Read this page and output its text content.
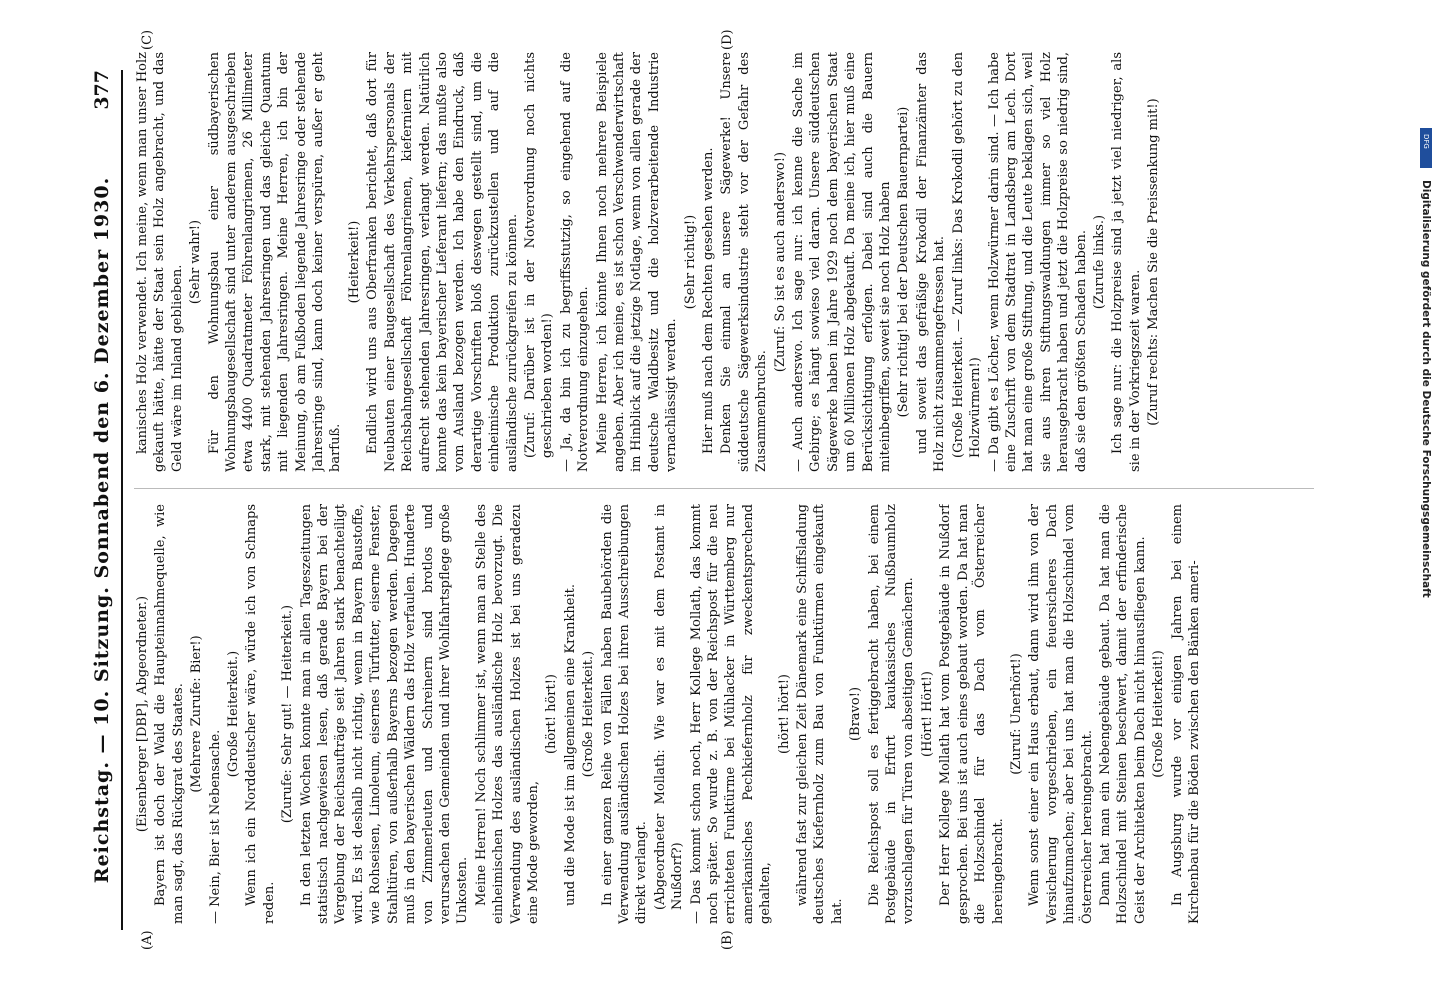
Reichstag. — 10. Sitzung. Sonnabend den 6. Dezember 1930.
377
(A)	(B)
(C)	(D)

(Eisenberger [DBP], Abgeordneter.) Bayern ist doch der Wald die Haupteinnahmequelle, wie man sagt, das Rückgrat des Staates. (Mehrere Zurufe: Bier!)

— Nein, Bier ist Nebensache.

(Große Heiterkeit.) Wenn ich ein Norddeutscher wäre, würde ich von Schnaps reden.

(Zurufe: Sehr gut! — Heiterkeit.) In den letzten Wochen konnte man in allen Tageszeitungen statistisch nachgewiesen lesen, daß gerade Bayern bei der Vergebung der Reichsaufträge seit Jahren stark benachteiligt wird. Es ist deshalb nicht richtig, wenn in Bayern Baustoffe, wie Rohseisen, Linoleum, eisernes Türfutter, eiserne Fenster, Stahltüren, von außerhalb Bayerns bezogen werden. Dagegen muß in den bayerischen Wäldern das Holz verfaulen. Hunderte von Zimmerleuten und Schreinern sind brotlos und verursachen den Gemeinden und ihrer Wohlfahrtspflege große Unkosten. Meine Herren! Noch schlimmer ist, wenn man an Stelle des einheimischen Holzes das ausländische Holz bevorzugt. Die Verwendung des ausländischen Holzes ist bei uns geradezu eine Mode geworden,

(hört! hört!) und die Mode ist im allgemeinen eine Krankheit. (Große Heiterkeit.) In einer ganzen Reihe von Fällen haben Baubehörden die Verwendung ausländischen Holzes bei ihren Ausschreibungen direkt verlangt. (Abgeordneter Mollath: Wie war es mit dem Postamt in Nußdorf?) — Das kommt schon noch, Herr Kollege Mollath, das kommt noch später. So wurde z. B. von der Reichspost für die neu errichteten Funktürme bei Mühlacker in Württemberg nur amerikanisches Pechkiefernholz für zweckentsprechend gehalten,

(hört! hört!) während fast zur gleichen Zeit Dänemark eine Schiffsladung deutsches Kiefernholz zum Bau von Funktürmen eingekauft hat.

(Bravo!) Die Reichspost soll es fertiggebracht haben, bei einem Postgebäude in Erfurt kaukasisches Nußbaumholz vorzuschlagen für Türen von abseitigen Gemächern. (Hört! Hört!) Der Herr Kollege Mollath hat vom Postgebäude in Nußdorf gesprochen. Bei uns ist auch eines gebaut worden. Da hat man die Holzschindel für das Dach vom Österreicher hereingebracht.

(Zuruf: Unerhört!) Wenn sonst einer ein Haus erbaut, dann wird ihm von der Versicherung vorgeschrieben, ein feuersicheres Dach hinaufzumachen; aber bei uns hat man die Holzschindel vom Österreicher hereingebracht. Dann hat man ein Nebengebäude gebaut. Da hat man die Holzschindel mit Steinen beschwert, damit der erfinderische Geist der Architekten beim Dach nicht hinausfliegen kann. (Große Heiterkeit!) In Augsburg wurde vor einigen Jahren bei einem Kirchenbau für die Böden zwischen den Bänken ameri-

kanisches Holz verwendet. Ich meine, wenn man unser Holz gekauft hätte, hätte der Staat sein Holz angebracht, und das Geld wäre im Inland geblieben.

(Sehr wahr!) Für den Wohnungsbau einer südbayerischen Wohnungsbaugesellschaft sind unter anderem ausgeschrieben etwa 4400 Quadratmeter Föhrenlangriemen, 26 Millimeter stark, mit stehenden Jahresringen und das gleiche Quantum mit liegenden Jahresringen. Meine Herren, ich bin der Meinung, ob am Fußboden liegende Jahresringe oder stehende Jahresringe sind, kann doch keiner verspüren, außer er geht barfuß.

(Heiterkeit!) Endlich wird uns aus Oberfranken berichtet, daß dort für Neubauten einer Baugesellschaft des Verkehrspersonals der Reichsbahngesellschaft Föhrenlangriemen, kieferniern mit aufrecht stehenden Jahresringen, verlangt werden. Natürlich konnte das kein bayerischer Lieferant liefern; das mußte also vom Ausland bezogen werden. Ich habe den Eindruck, daß derartige Vorschriften bloß deswegen gestellt sind, um die einheimische Produktion zurückzustellen und auf die ausländische zurückgreifen zu können. (Zuruf: Darüber ist in der Notverordnung noch nichts geschrieben worden!) — Ja, da bin ich zu begriffsstutzig, so eingehend auf die Notverordnung einzugehen. Meine Herren, ich könnte Ihnen noch mehrere Beispiele angeben. Aber ich meine, es ist schon Verschwenderwirtschaft im Hinblick auf die jetzige Notlage, wenn von allen gerade der deutsche Waldbesitz und die holzverarbeitende Industrie vernachlässigt werden.

(Sehr richtig!) Hier muß nach dem Rechten gesehen werden. Denken Sie einmal an unsere Sägewerke! Unsere süddeutsche Sägewerksindustrie steht vor der Gefahr des Zusammenbruchs.

(Zuruf: So ist es auch anderswo!) — Auch anderswo. Ich sage nur: ich kenne die Sache im Gebirge; es hängt sowieso viel daran. Unsere süddeutschen Sägewerke haben im Jahre 1929 noch dem bayerischen Staat um 60 Millionen Holz abgekauft. Da meine ich, hier muß eine Berücksichtigung erfolgen. Dabei sind auch die Bauern miteinbegriffen, soweit sie noch Holz haben (Sehr richtig! bei der Deutschen Bauernpartei) und soweit das gefräßige Krokodil der Finanzämter das Holz nicht zusammengefressen hat. (Große Heiterkeit. — Zuruf links: Das Krokodil gehört zu den Holzwürmern!) — Da gibt es Löcher, wenn Holzwürmer darin sind. — Ich habe eine Zuschrift von dem Stadtrat in Landsberg am Lech. Dort hat man eine große Stiftung, und die Leute beklagen sich, weil sie aus ihren Stiftungswaldungen immer so viel Holz herausgebracht haben und jetzt die Holzpreise so niedrig sind, daß sie den größten Schaden haben. (Zurufe links.) Ich sage nur: die Holzpreise sind ja jetzt viel niedriger, als sie in der Vorkriegszeit waren. (Zuruf rechts: Machen Sie die Preissenkung mit!)	DFG
Digitalisierung gefördert durch die Deutsche Forschungsgemeinschaft
